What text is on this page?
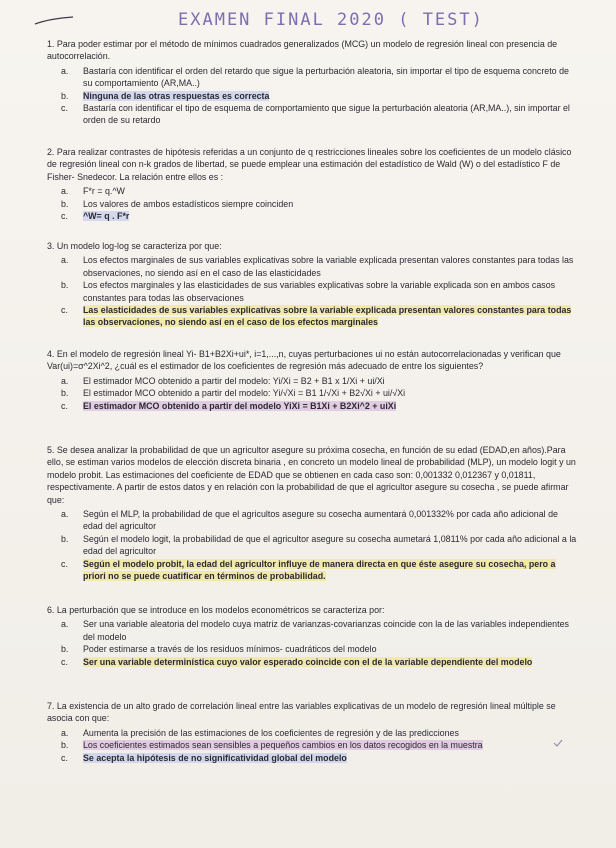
EXAMEN FINAL 2020 ( TEST)

1. Para poder estimar por el método de mínimos cuadrados generalizados (MCG) un modelo de regresión lineal con presencia de autocorrelación.

a. Bastaría con identificar el orden del retardo que sigue la perturbación aleatoria, sin importar el tipo de esquema concreto de su comportamiento (AR,MA..)
b. Ninguna de las otras respuestas es correcta
c. Bastaría con identificar el tipo de esquema de comportamiento que sigue la perturbación aleatoria (AR,MA..), sin importar el orden de su retardo

2. Para realizar contrastes de hipótesis referidas a un conjunto de q restricciones lineales sobre los coeficientes de un modelo clásico de regresión lineal con n-k grados de libertad, se puede emplear una estimación del estadístico de Wald (W) o del estadístico F de Fisher- Snedecor. La relación entre ellos es :

a. F*r = q.^W
b. Los valores de ambos estadísticos siempre coinciden
c. ^W= q . F*r

3. Un modelo log-log se caracteriza por que:

a. Los efectos marginales de sus variables explicativas sobre la variable explicada presentan valores constantes para todas las observaciones, no siendo así en el caso de las elasticidades
b. Los efectos marginales y las elasticidades de sus variables explicativas sobre la variable explicada son en ambos casos constantes para todas las observaciones
c. Las elasticidades de sus variables explicativas sobre la variable explicada presentan valores constantes para todas las observaciones, no siendo así en el caso de los efectos marginales

4. En el modelo de regresión lineal Yi- B1+B2Xi+ui*, i=1,...,n, cuyas perturbaciones ui no están autocorrelacionadas y verifican que Var(ui)=σ^2Xi^2, ¿cuál es el estimador de los coeficientes de regresión más adecuado de entre los siguientes?

a. El estimador MCO obtenido a partir del modelo: Yi/Xi = B2 + B1 x 1/Xi + ui/Xi
b. El estimador MCO obtenido a partir del modelo: Yi/√Xi = B1 1/√Xi + B2√Xi + ui/√Xi
c. El estimador MCO obtenido a partir del modelo YiXi = B1Xi + B2Xi^2 + uiXi

5. Se desea analizar la probabilidad de que un agricultor asegure su próxima cosecha, en función de su edad (EDAD,en años).Para ello, se estiman varios modelos de elección discreta binaria , en concreto un modelo lineal de probabilidad (MLP), un modelo logit y un modelo probit. Las estimaciones del coeficiente de EDAD que se obtienen en cada caso son: 0,001332 0,012367 y 0,01811, respectivamente. A partir de estos datos y en relación con la probabilidad de que el agricultor asegure su cosecha , se puede afirmar que:

a. Según el MLP, la probabilidad de que el agricultos asegure su cosecha aumentará 0,001332% por cada año adicional de edad del agricultor
b. Según el modelo logit, la probabilidad de que el agricultor asegure su cosecha aumetará 1,0811% por cada año adicional a la edad del agricultor
c. Según el modelo probit, la edad del agricultor influye de manera directa en que éste asegure su cosecha, pero a priori no se puede cuatificar en términos de probabilidad.

6. La perturbación que se introduce en los modelos econométricos se caracteriza por:

a. Ser una variable aleatoria del modelo cuya matriz de varianzas-covarianzas coincide con la de las variables independientes del modelo
b. Poder estimarse a través de los residuos mínimos- cuadráticos del modelo
c. Ser una variable determinística cuyo valor esperado coincide con el de la variable dependiente del modelo

7. La existencia de un alto grado de correlación lineal entre las variables explicativas de un modelo de regresión lineal múltiple se asocia con que:

a. Aumenta la precisión de las estimaciones de los coeficientes de regresión y de las predicciones
b. Los coeficientes estimados sean sensibles a pequeños cambios en los datos recogidos en la muestra
c. Se acepta la hipótesis de no significatividad global del modelo
